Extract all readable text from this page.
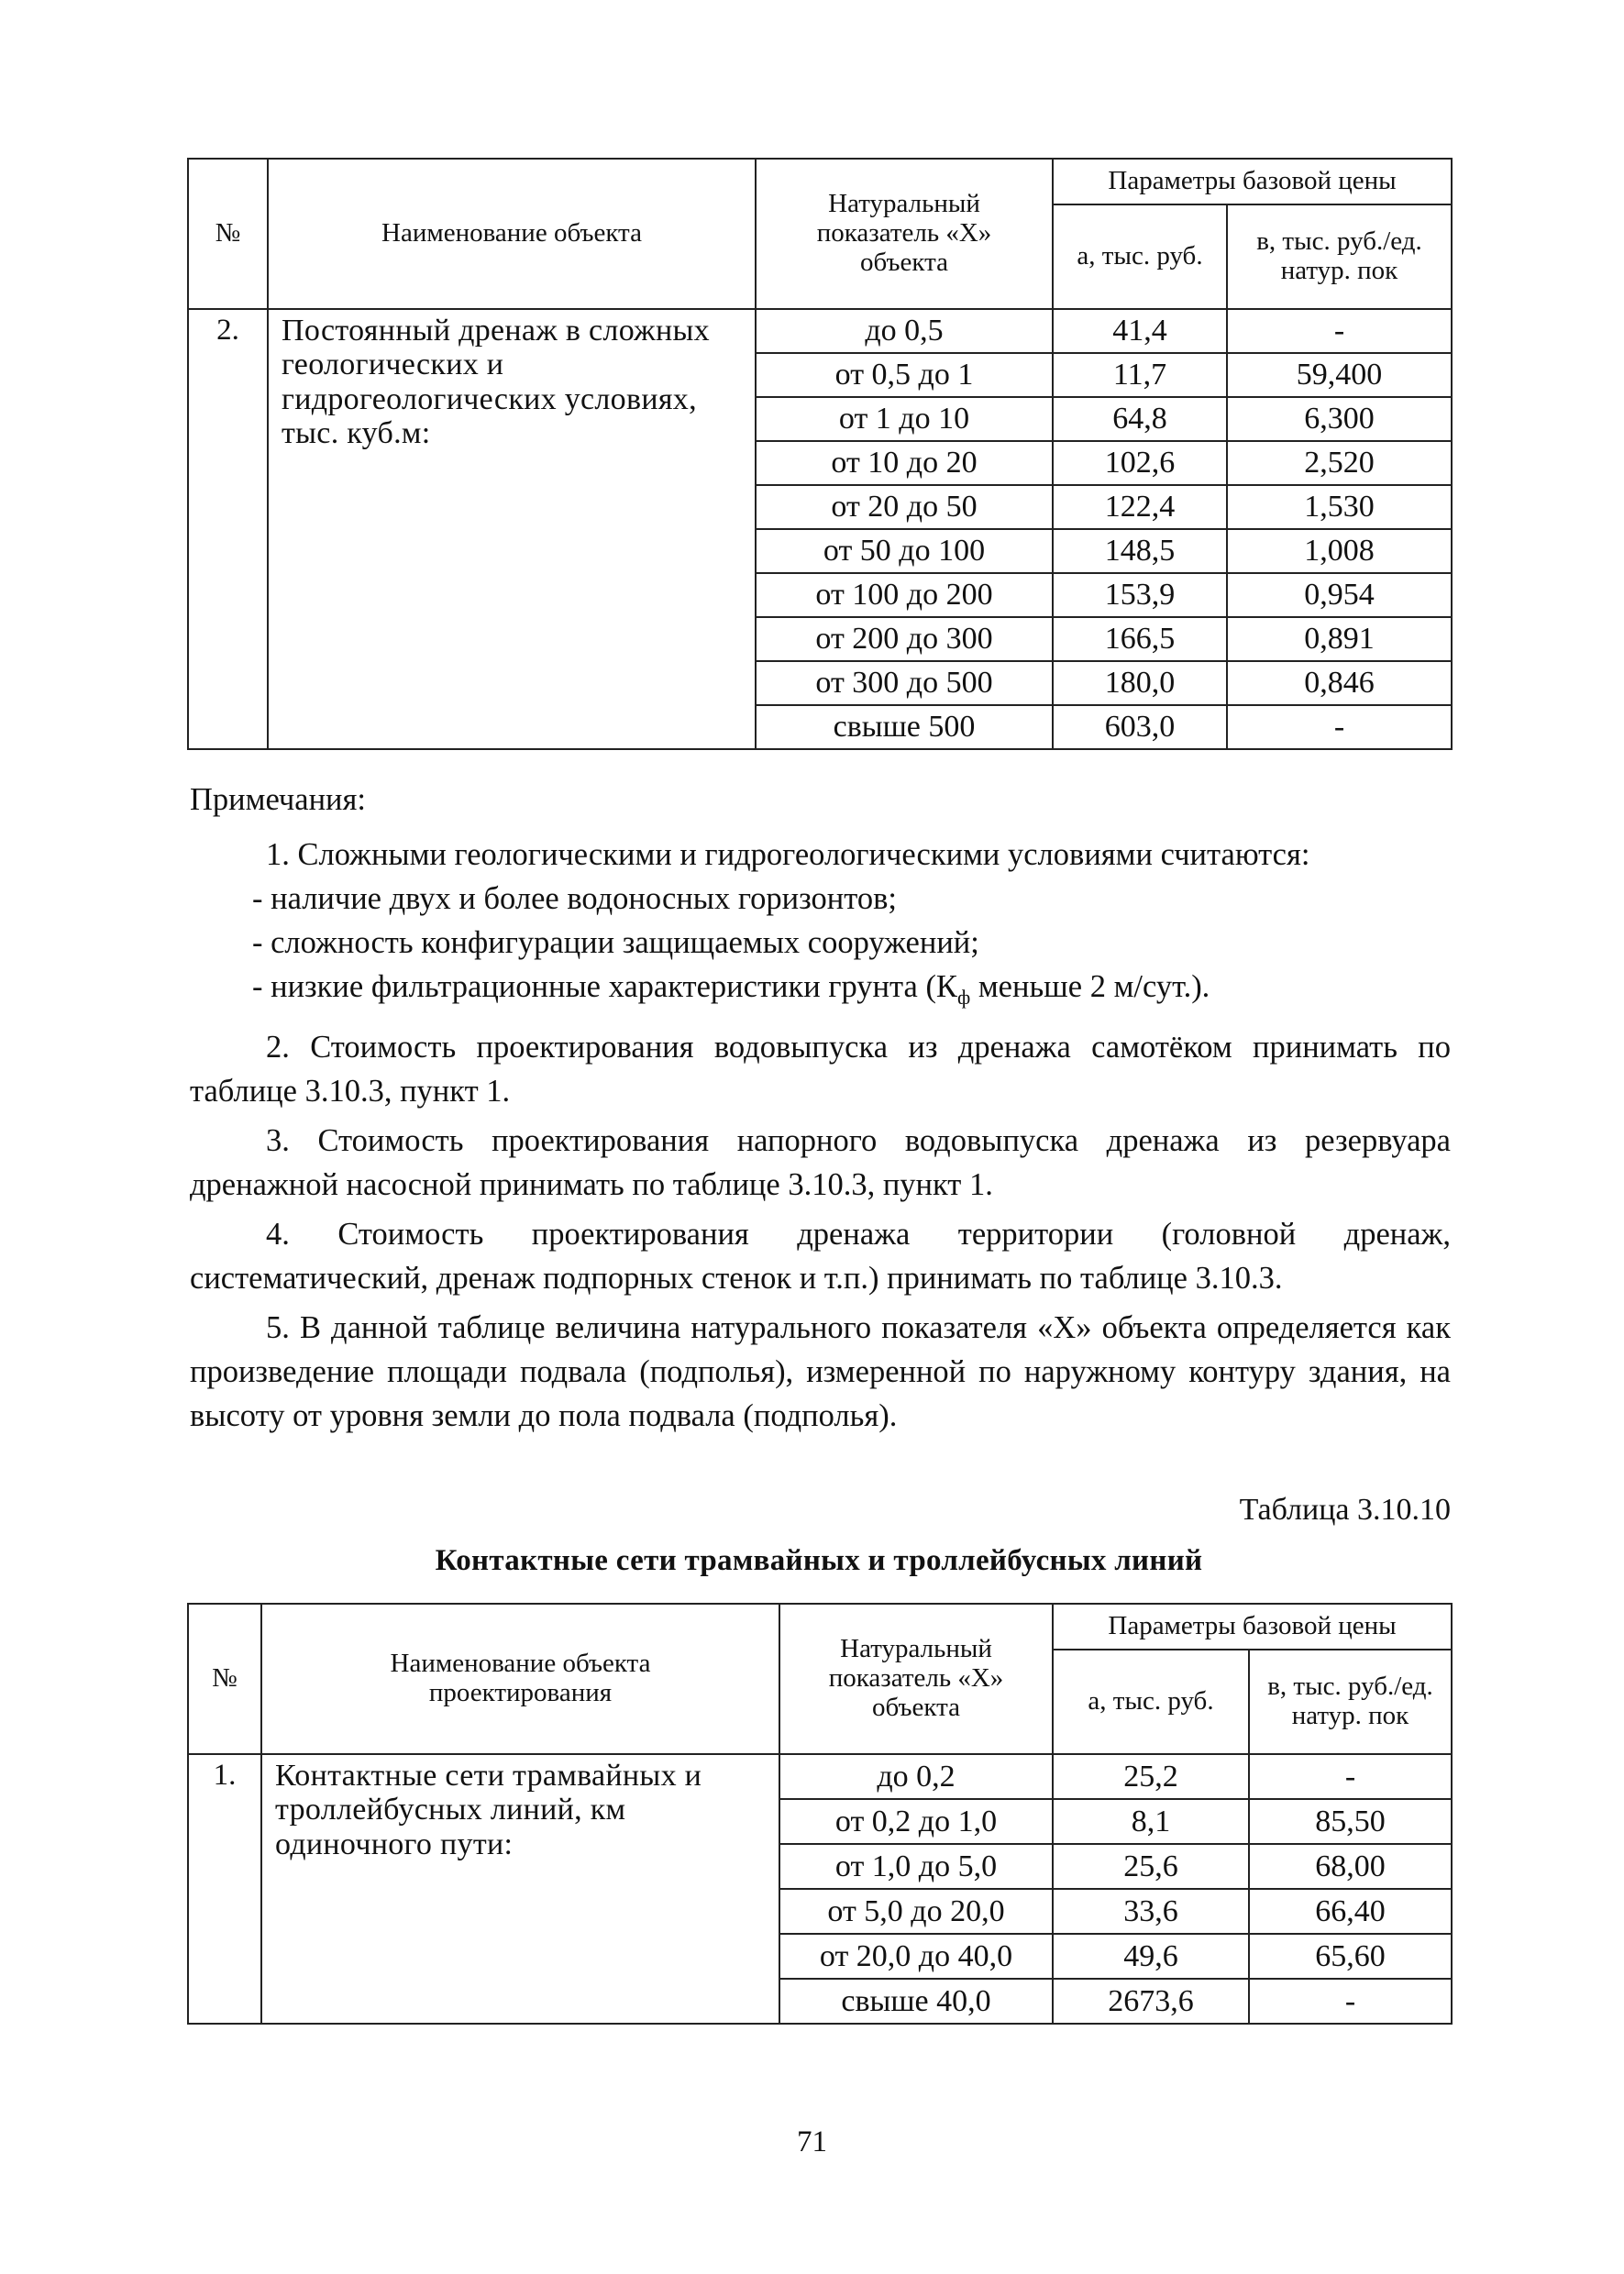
№	Наименование объекта	Натуральный показатель «X» объекта	Параметры базовой цены	
			а, тыс. руб.	в, тыс. руб./ед. натур. пок
2.	Постоянный дренаж в сложных геологических и гидрогеологических условиях, тыс. куб.м:	до 0,5	41,4	-
		от 0,5 до 1	11,7	59,400
		от 1 до 10	64,8	6,300
		от 10 до 20	102,6	2,520
		от 20 до 50	122,4	1,530
		от 50 до 100	148,5	1,008
		от 100 до 200	153,9	0,954
		от 200 до 300	166,5	0,891
		от 300 до 500	180,0	0,846
		свыше 500	603,0	-

Примечания:

1. Сложными геологическими и гидрогеологическими условиями считаются:

- наличие двух и более водоносных горизонтов;

- сложность конфигурации защищаемых сооружений;

- низкие фильтрационные характеристики грунта ($К_ф$ меньше 2 м/сут.).

2. Стоимость проектирования водовыпуска из дренажа самотёком принимать по таблице 3.10.3, пункт 1.

3. Стоимость проектирования напорного водовыпуска дренажа из резервуара дренажной насосной принимать по таблице 3.10.3, пункт 1.

4. Стоимость проектирования дренажа территории (головной дренаж, систематический, дренаж подпорных стенок и т.п.) принимать по таблице 3.10.3.

5. В данной таблице величина натурального показателя «X» объекта определяется как произведение площади подвала (подполья), измеренной по наружному контуру здания, на высоту от уровня земли до пола подвала (подполья).

Таблица 3.10.10
Контактные сети трамвайных и троллейбусных линий
№	Наименование объекта проектирования	Натуральный показатель «X» объекта	Параметры базовой цены	
			а, тыс. руб.	в, тыс. руб./ед. натур. пок
1.	Контактные сети трамвайных и троллейбусных линий, км одиночного пути:	до 0,2	25,2	-
		от 0,2 до 1,0	8,1	85,50
		от 1,0 до 5,0	25,6	68,00
		от 5,0 до 20,0	33,6	66,40
		от 20,0 до 40,0	49,6	65,60
		свыше 40,0	2673,6	-
71
